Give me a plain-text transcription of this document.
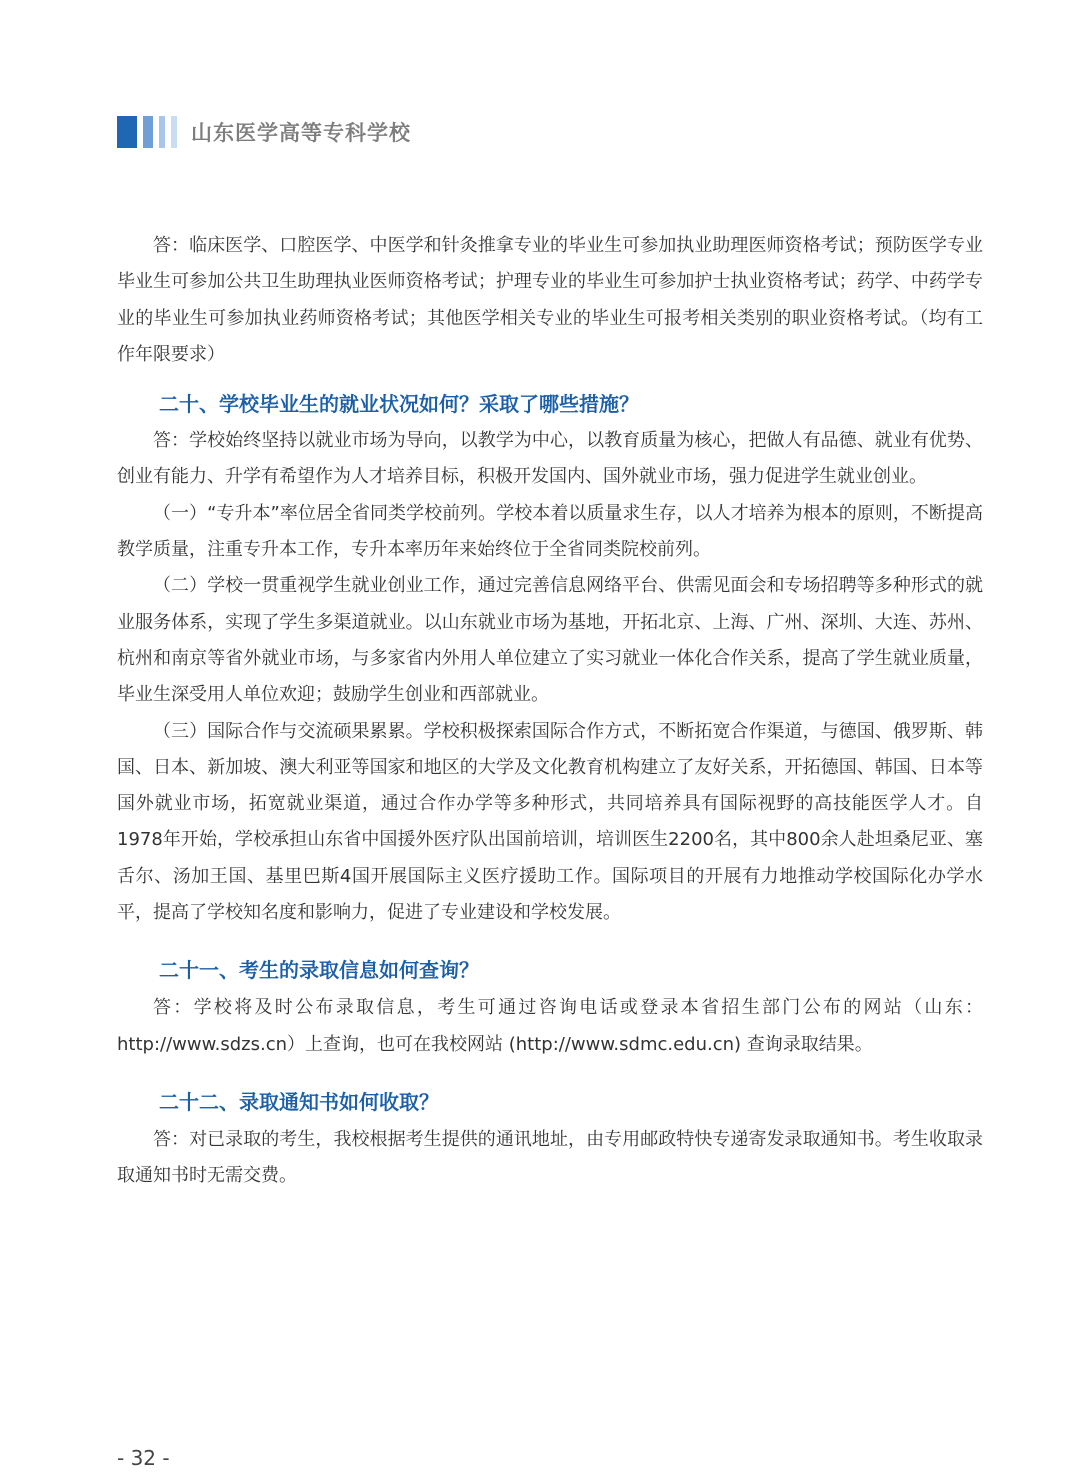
山东医学高等专科学校

答：临床医学、口腔医学、中医学和针灸推拿专业的毕业生可参加执业助理医师资格考试；预防医学专业毕业生可参加公共卫生助理执业医师资格考试；护理专业的毕业生可参加护士执业资格考试；药学、中药学专业的毕业生可参加执业药师资格考试；其他医学相关专业的毕业生可报考相关类别的职业资格考试。（均有工作年限要求）

二十、学校毕业生的就业状况如何？采取了哪些措施？

答：学校始终坚持以就业市场为导向，以教学为中心，以教育质量为核心，把做人有品德、就业有优势、创业有能力、升学有希望作为人才培养目标，积极开发国内、国外就业市场，强力促进学生就业创业。

（一）“专升本”率位居全省同类学校前列。学校本着以质量求生存，以人才培养为根本的原则，不断提高教学质量，注重专升本工作，专升本率历年来始终位于全省同类院校前列。

（二）学校一贯重视学生就业创业工作，通过完善信息网络平台、供需见面会和专场招聘等多种形式的就业服务体系，实现了学生多渠道就业。以山东就业市场为基地，开拓北京、上海、广州、深圳、大连、苏州、杭州和南京等省外就业市场，与多家省内外用人单位建立了实习就业一体化合作关系，提高了学生就业质量，毕业生深受用人单位欢迎；鼓励学生创业和西部就业。

（三）国际合作与交流硕果累累。学校积极探索国际合作方式，不断拓宽合作渠道，与德国、俄罗斯、韩国、日本、新加坡、澳大利亚等国家和地区的大学及文化教育机构建立了友好关系，开拓德国、韩国、日本等国外就业市场，拓宽就业渠道，通过合作办学等多种形式，共同培养具有国际视野的高技能医学人才。自1978年开始，学校承担山东省中国援外医疗队出国前培训，培训医生2200名，其中800余人赴坦桑尼亚、塞舌尔、汤加王国、基里巴斯4国开展国际主义医疗援助工作。国际项目的开展有力地推动学校国际化办学水平，提高了学校知名度和影响力，促进了专业建设和学校发展。

二十一、考生的录取信息如何查询？

答：学校将及时公布录取信息，考生可通过咨询电话或登录本省招生部门公布的网站（山东：http://www.sdzs.cn）上查询，也可在我校网站 (http://www.sdmc.edu.cn) 查询录取结果。

二十二、录取通知书如何收取？

答：对已录取的考生，我校根据考生提供的通讯地址，由专用邮政特快专递寄发录取通知书。考生收取录取通知书时无需交费。

- 32 -
